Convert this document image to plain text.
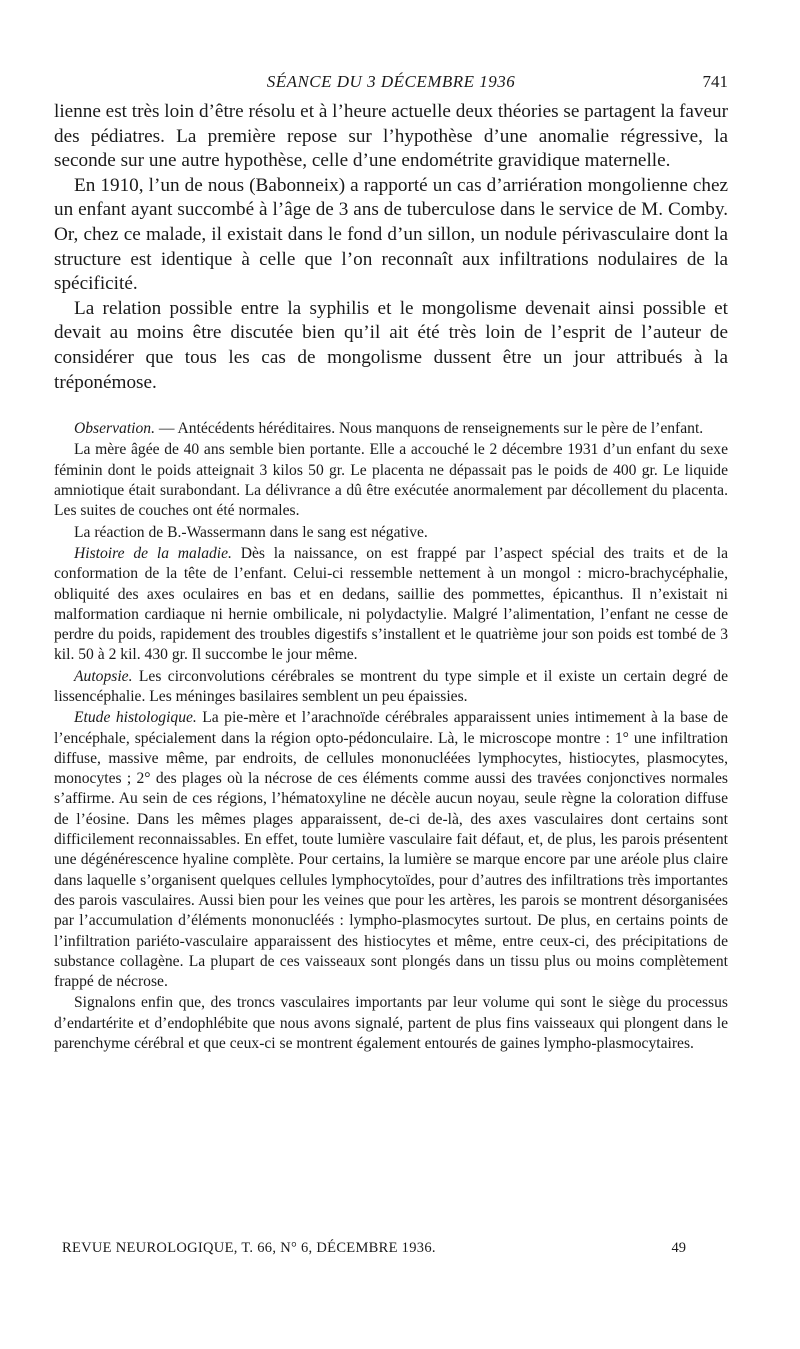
SÉANCE DU 3 DÉCEMBRE 1936	741

lienne est très loin d’être résolu et à l’heure actuelle deux théories se partagent la faveur des pédiatres. La première repose sur l’hypothèse d’une anomalie régressive, la seconde sur une autre hypothèse, celle d’une endométrite gravidique maternelle.

En 1910, l’un de nous (Babonneix) a rapporté un cas d’arriération mongolienne chez un enfant ayant succombé à l’âge de 3 ans de tuberculose dans le service de M. Comby. Or, chez ce malade, il existait dans le fond d’un sillon, un nodule périvasculaire dont la structure est identique à celle que l’on reconnaît aux infiltrations nodulaires de la spécificité.

La relation possible entre la syphilis et le mongolisme devenait ainsi possible et devait au moins être discutée bien qu’il ait été très loin de l’esprit de l’auteur de considérer que tous les cas de mongolisme dussent être un jour attribués à la tréponémose.

Observation. — Antécédents héréditaires. Nous manquons de renseignements sur le père de l’enfant.

La mère âgée de 40 ans semble bien portante. Elle a accouché le 2 décembre 1931 d’un enfant du sexe féminin dont le poids atteignait 3 kilos 50 gr. Le placenta ne dépassait pas le poids de 400 gr. Le liquide amniotique était surabondant. La délivrance a dû être exécutée anormalement par décollement du placenta. Les suites de couches ont été normales.

La réaction de B.-Wassermann dans le sang est négative.

Histoire de la maladie. Dès la naissance, on est frappé par l’aspect spécial des traits et de la conformation de la tête de l’enfant. Celui-ci ressemble nettement à un mongol : micro-brachycéphalie, obliquité des axes oculaires en bas et en dedans, saillie des pommettes, épicanthus. Il n’existait ni malformation cardiaque ni hernie ombilicale, ni polydactylie. Malgré l’alimentation, l’enfant ne cesse de perdre du poids, rapidement des troubles digestifs s’installent et le quatrième jour son poids est tombé de 3 kil. 50 à 2 kil. 430 gr. Il succombe le jour même.

Autopsie. Les circonvolutions cérébrales se montrent du type simple et il existe un certain degré de lissencéphalie. Les méninges basilaires semblent un peu épaissies.

Etude histologique. La pie-mère et l’arachnoïde cérébrales apparaissent unies intimement à la base de l’encéphale, spécialement dans la région opto-pédonculaire. Là, le microscope montre : 1° une infiltration diffuse, massive même, par endroits, de cellules mononucléées lymphocytes, histiocytes, plasmocytes, monocytes ; 2° des plages où la nécrose de ces éléments comme aussi des travées conjonctives normales s’affirme. Au sein de ces régions, l’hématoxyline ne décèle aucun noyau, seule règne la coloration diffuse de l’éosine. Dans les mêmes plages apparaissent, de-ci de-là, des axes vasculaires dont certains sont difficilement reconnaissables. En effet, toute lumière vasculaire fait défaut, et, de plus, les parois présentent une dégénérescence hyaline complète. Pour certains, la lumière se marque encore par une aréole plus claire dans laquelle s’organisent quelques cellules lymphocytoïdes, pour d’autres des infiltrations très importantes des parois vasculaires. Aussi bien pour les veines que pour les artères, les parois se montrent désorganisées par l’accumulation d’éléments mononucléés : lympho-plasmocytes surtout. De plus, en certains points de l’infiltration pariéto-vasculaire apparaissent des histiocytes et même, entre ceux-ci, des précipitations de substance collagène. La plupart de ces vaisseaux sont plongés dans un tissu plus ou moins complètement frappé de nécrose.

Signalons enfin que, des troncs vasculaires importants par leur volume qui sont le siège du processus d’endartérite et d’endophlébite que nous avons signalé, partent de plus fins vaisseaux qui plongent dans le parenchyme cérébral et que ceux-ci se montrent également entourés de gaines lympho-plasmocytaires.

REVUE NEUROLOGIQUE, T. 66, N° 6, DÉCEMBRE 1936.	49
